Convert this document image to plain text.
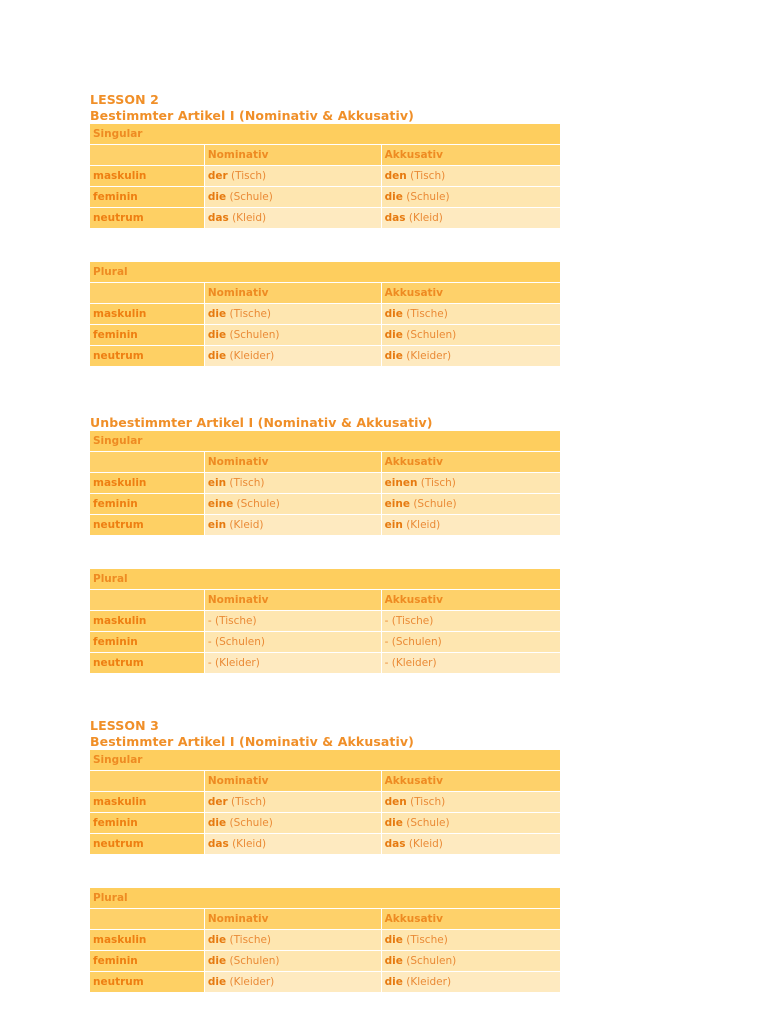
LESSON 2
Bestimmter Artikel I (Nominativ & Akkusativ)
Singular		
	Nominativ	Akkusativ
maskulin	der (Tisch)	den (Tisch)
feminin	die (Schule)	die (Schule)
neutrum	das (Kleid)	das (Kleid)
Plural		
	Nominativ	Akkusativ
maskulin	die (Tische)	die (Tische)
feminin	die (Schulen)	die (Schulen)
neutrum	die (Kleider)	die (Kleider)
Unbestimmter Artikel I (Nominativ & Akkusativ)
Singular		
	Nominativ	Akkusativ
maskulin	ein (Tisch)	einen (Tisch)
feminin	eine (Schule)	eine (Schule)
neutrum	ein (Kleid)	ein (Kleid)
Plural		
	Nominativ	Akkusativ
maskulin	- (Tische)	- (Tische)
feminin	- (Schulen)	- (Schulen)
neutrum	- (Kleider)	- (Kleider)
LESSON 3
Bestimmter Artikel I (Nominativ & Akkusativ)
Singular		
	Nominativ	Akkusativ
maskulin	der (Tisch)	den (Tisch)
feminin	die (Schule)	die (Schule)
neutrum	das (Kleid)	das (Kleid)
Plural		
	Nominativ	Akkusativ
maskulin	die (Tische)	die (Tische)
feminin	die (Schulen)	die (Schulen)
neutrum	die (Kleider)	die (Kleider)
